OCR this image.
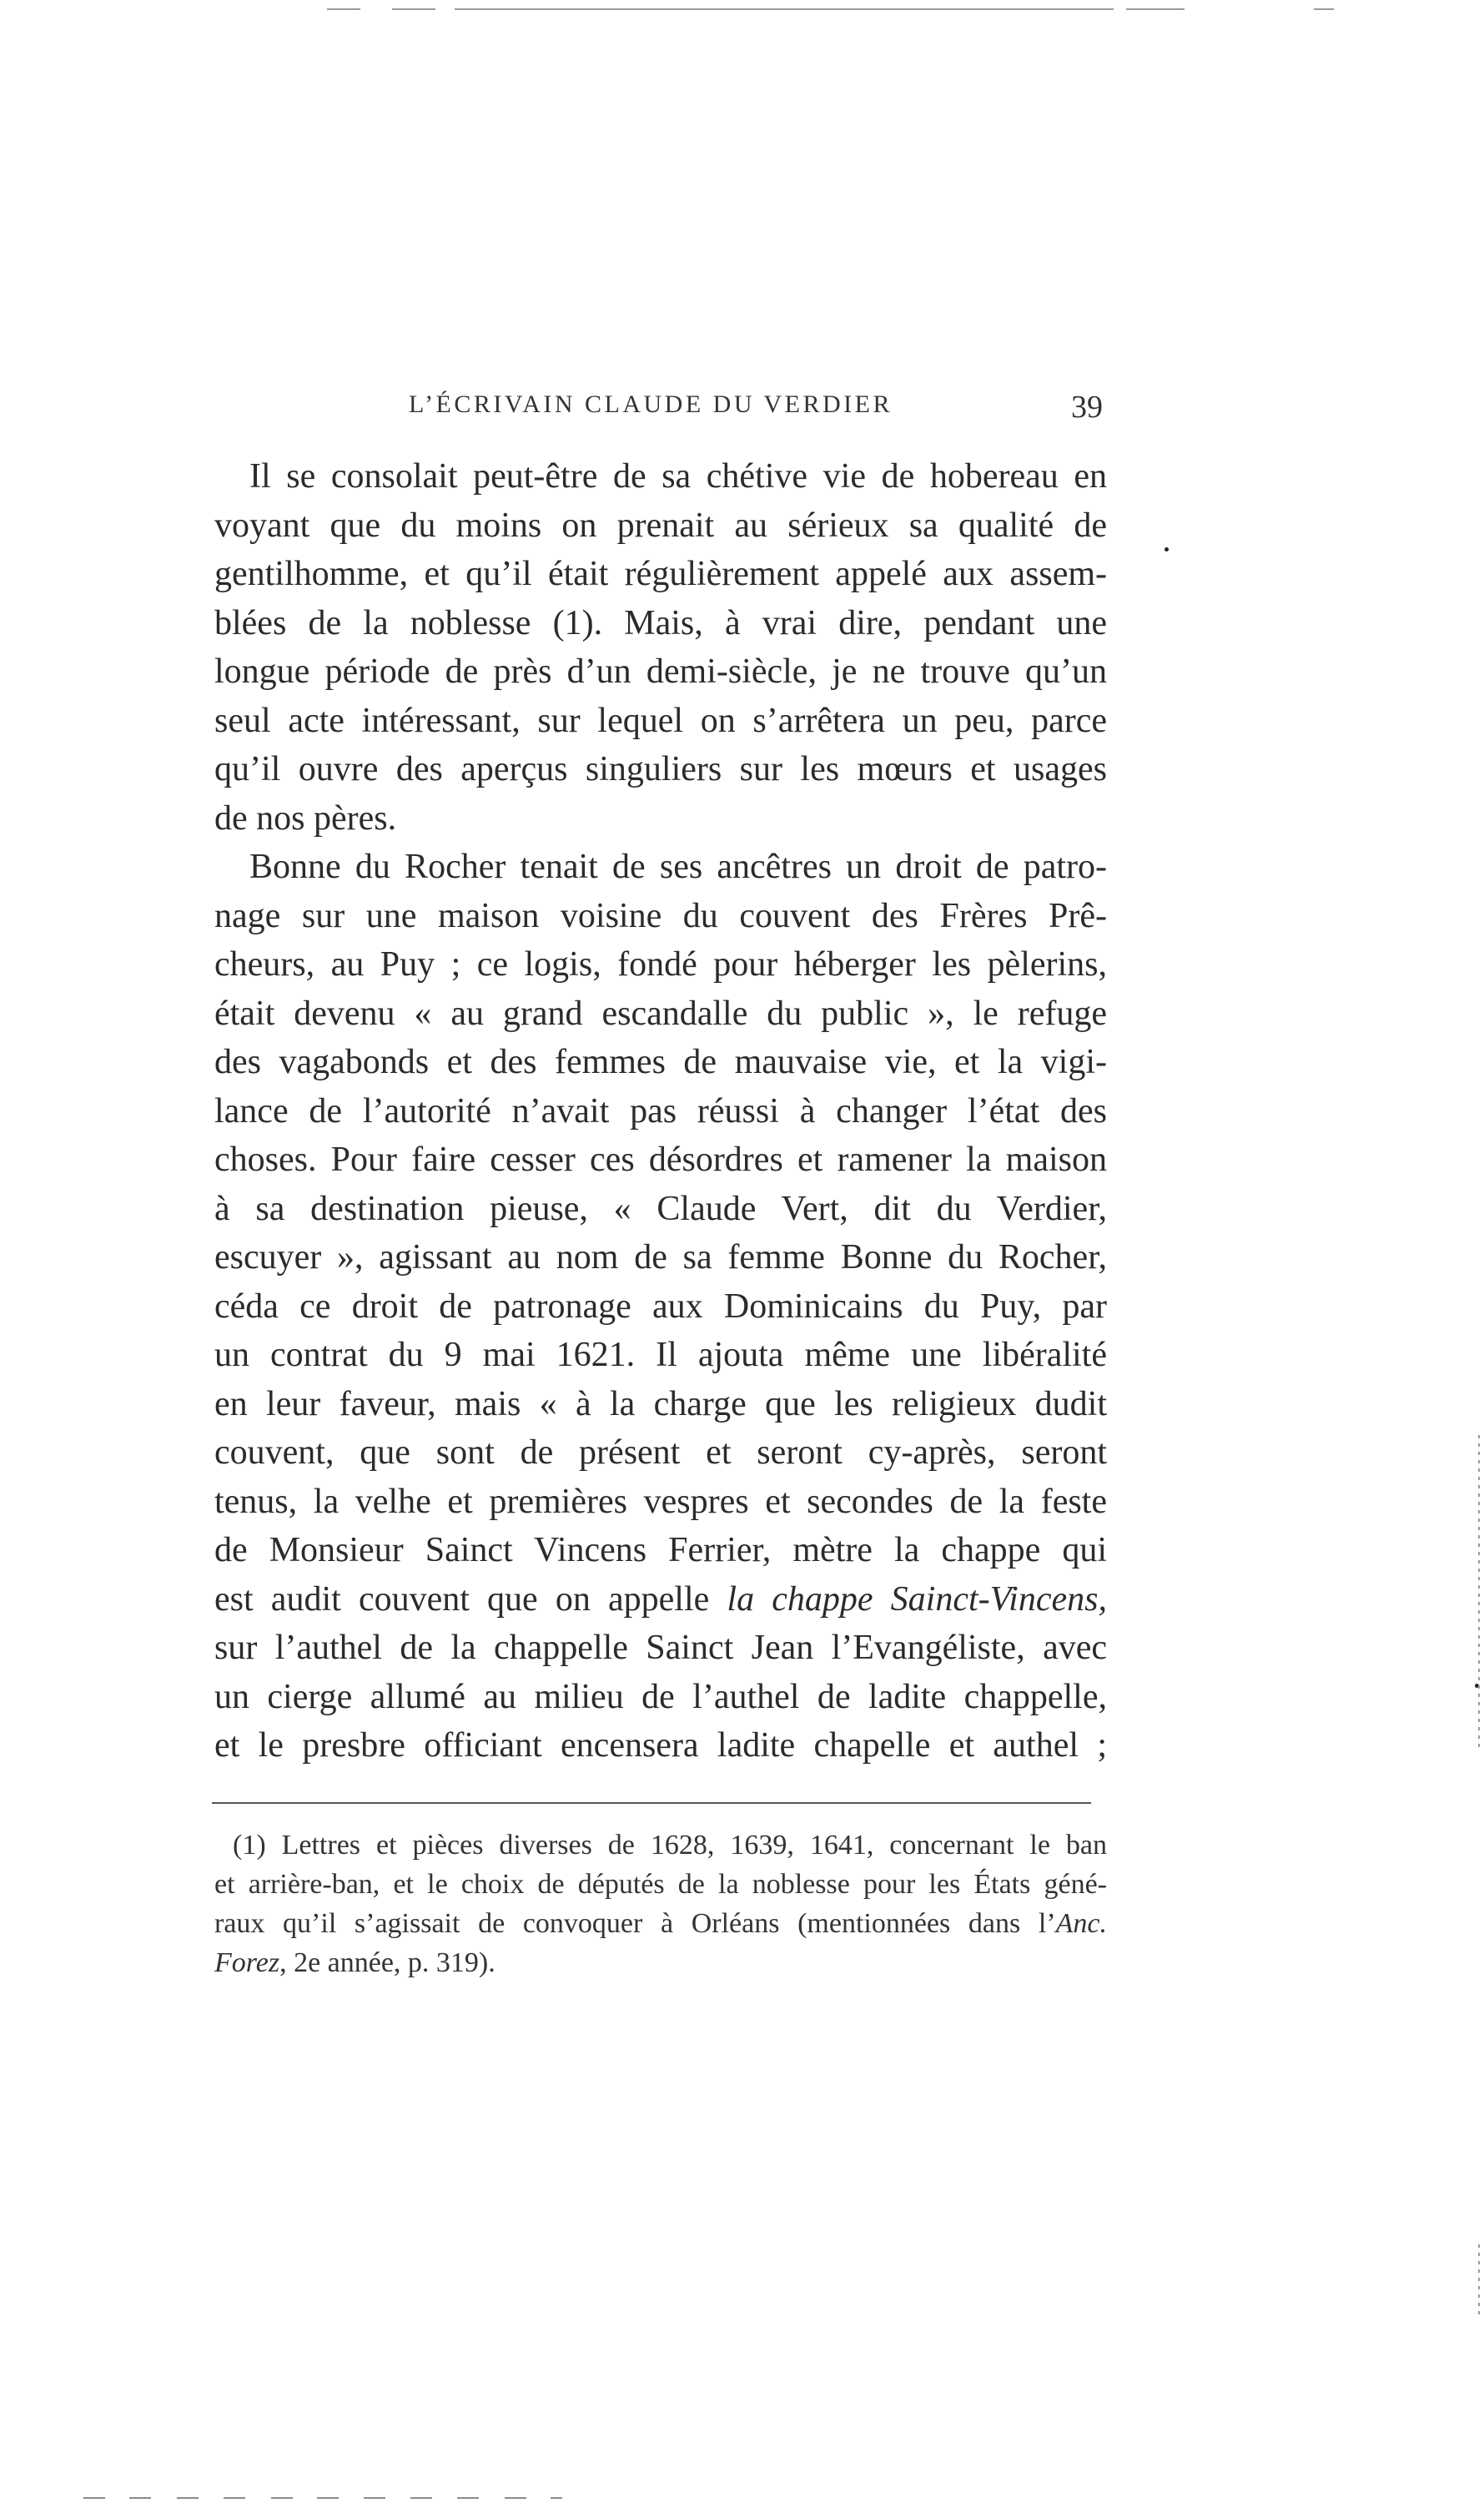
L’ÉCRIVAIN CLAUDE DU VERDIER	39
Il se consolait peut-être de sa chétive vie de hobereau en
voyant que du moins on prenait au sérieux sa qualité de
gentilhomme, et qu’il était régulièrement appelé aux assem-
blées de la noblesse (1). Mais, à vrai dire, pendant une
longue période de près d’un demi-siècle, je ne trouve qu’un
seul acte intéressant, sur lequel on s’arrêtera un peu, parce
qu’il ouvre des aperçus singuliers sur les mœurs et usages
de nos pères.
Bonne du Rocher tenait de ses ancêtres un droit de patro-
nage sur une maison voisine du couvent des Frères Prê-
cheurs, au Puy ; ce logis, fondé pour héberger les pèlerins,
était devenu « au grand escandalle du public », le refuge
des vagabonds et des femmes de mauvaise vie, et la vigi-
lance de l’autorité n’avait pas réussi à changer l’état des
choses. Pour faire cesser ces désordres et ramener la maison
à sa destination pieuse, « Claude Vert, dit du Verdier,
escuyer », agissant au nom de sa femme Bonne du Rocher,
céda ce droit de patronage aux Dominicains du Puy, par
un contrat du 9 mai 1621. Il ajouta même une libéralité
en leur faveur, mais « à la charge que les religieux dudit
couvent, que sont de présent et seront cy-après, seront
tenus, la velhe et premières vespres et secondes de la feste
de Monsieur Sainct Vincens Ferrier, mètre la chappe qui
est audit couvent que on appelle la chappe Sainct-Vincens,
sur l’authel de la chappelle Sainct Jean l’Evangéliste, avec
un cierge allumé au milieu de l’authel de ladite chappelle,
et le presbre officiant encensera ladite chapelle et authel ;
(1) Lettres et pièces diverses de 1628, 1639, 1641, concernant le ban
et arrière-ban, et le choix de députés de la noblesse pour les États géné-
raux qu’il s’agissait de convoquer à Orléans (mentionnées dans l’Anc.
Forez, 2e année, p. 319).
